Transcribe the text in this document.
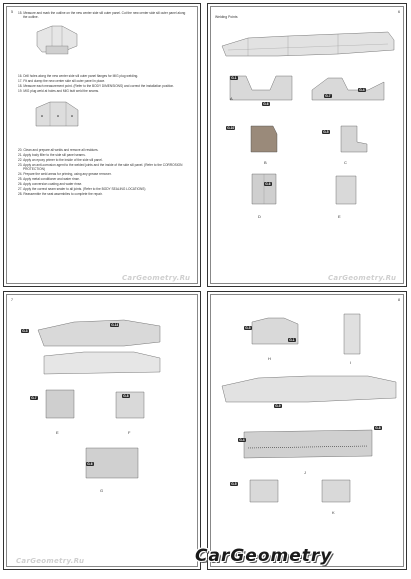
5 15. Measure and mark the outline on the new center side sill outer panel. Cut the new center side sill outer panel along
the outline.
16. Drill holes along the new center side sill outer panel flanges for MIG plug welding.
17. Fit and clamp the new center side sill outer panel in place.
18. Measure each measurement point. (Refer to the BODY DIMENSIONS) and correct the installation position.
19. MIG plug weld at holes and MIG butt weld the seams.
20. Clean and prepare all welds and remove all residues.
21. Apply body filler to the side sill panel seams.
22. Apply an epoxy primer to the inside of the side sill panel.
23. Apply an anti-corrosion agent to the welded joints and the inside of the side sill panel. (Refer to the CORROSION
PROTECTION)
24. Prepare the weld areas for priming, using any grease remover.
25. Apply metal conditioner and water rinse.
26. Apply conversion coating and water rinse.
27. Apply the correct seam sealer to all joints. (Refer to the BODY SEALING LOCATIONS)
28. Reassemble the seat assemblies to complete the repair.
CarGeometry.Ru
6
Welding Points
G-1
G-6
G-4
G-7
A
G-10
B
G-5
C
G-6
D	E
CarGeometry.Ru
7
G-3
G-14
G-7
E
G-8
F
G-6
G
CarGeometry.Ru
8
G-5
G-1
H
I
G-9
G-4
G-8
J
G-5
K
CarGeometry
